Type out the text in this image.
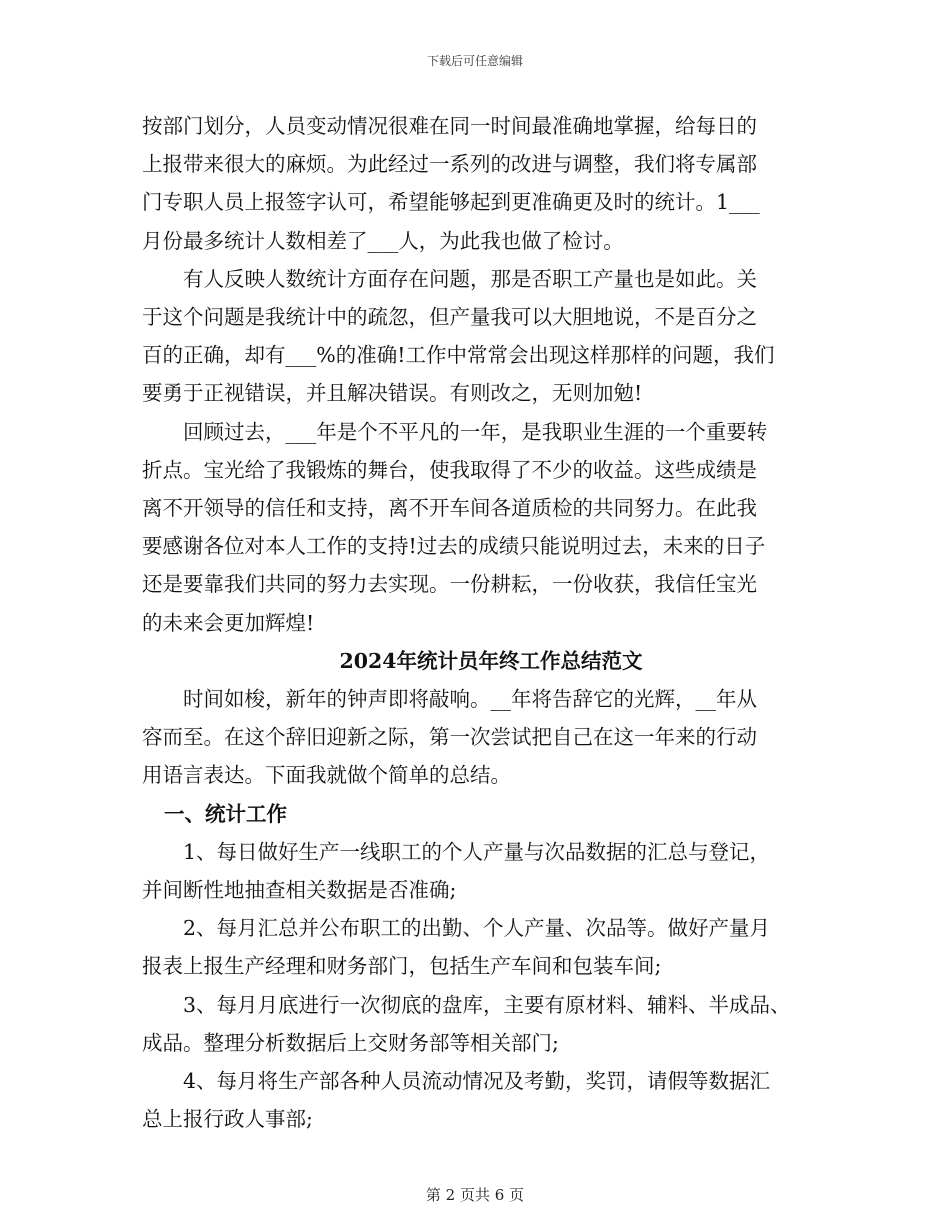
下载后可任意编辑
按部门划分，人员变动情况很难在同一时间最准确地掌握，给每日的
上报带来很大的麻烦。为此经过一系列的改进与调整，我们将专属部
门专职人员上报签字认可，希望能够起到更准确更及时的统计。1___
月份最多统计人数相差了___人，为此我也做了检讨。
有人反映人数统计方面存在问题，那是否职工产量也是如此。关
于这个问题是我统计中的疏忽，但产量我可以大胆地说，不是百分之
百的正确，却有___%的准确!工作中常常会出现这样那样的问题，我们
要勇于正视错误，并且解决错误。有则改之，无则加勉!
回顾过去，___年是个不平凡的一年，是我职业生涯的一个重要转
折点。宝光给了我锻炼的舞台，使我取得了不少的收益。这些成绩是
离不开领导的信任和支持，离不开车间各道质检的共同努力。在此我
要感谢各位对本人工作的支持!过去的成绩只能说明过去，未来的日子
还是要靠我们共同的努力去实现。一份耕耘，一份收获，我信任宝光
的未来会更加辉煌!
2024年统计员年终工作总结范文
时间如梭，新年的钟声即将敲响。__年将告辞它的光辉，__年从
容而至。在这个辞旧迎新之际，第一次尝试把自己在这一年来的行动
用语言表达。下面我就做个简单的总结。
一、统计工作
1、每日做好生产一线职工的个人产量与次品数据的汇总与登记，
并间断性地抽查相关数据是否准确;
2、每月汇总并公布职工的出勤、个人产量、次品等。做好产量月
报表上报生产经理和财务部门，包括生产车间和包装车间;
3、每月月底进行一次彻底的盘库，主要有原材料、辅料、半成品、
成品。整理分析数据后上交财务部等相关部门;
4、每月将生产部各种人员流动情况及考勤，奖罚，请假等数据汇
总上报行政人事部;
第 2 页共 6 页
